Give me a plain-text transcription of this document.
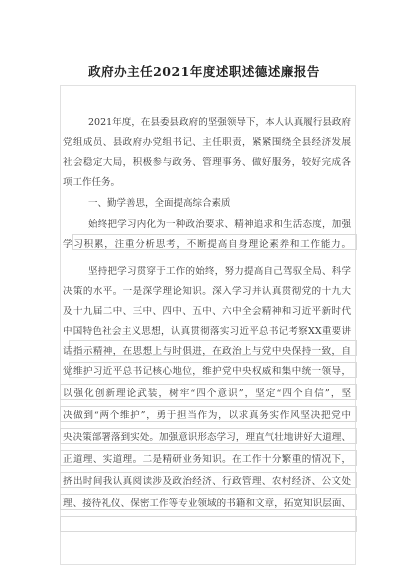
政府办主任2021年度述职述德述廉报告
2021年度，在县委县政府的坚强领导下，本人认真履行县政府
党组成员、县政府办党组书记、主任职责，紧紧围绕全县经济发展
社会稳定大局，积极参与政务、管理事务、做好服务，较好完成各
项工作任务。
一、勤学善思，全面提高综合素质
始终把学习内化为一种政治要求、精神追求和生活态度，加强
学习积累，注重分析思考，不断提高自身理论素养和工作能力。
坚持把学习贯穿于工作的始终，努力提高自己驾驭全局、科学
决策的水平。一是深学理论知识。深入学习并认真贯彻党的十九大
及十九届二中、三中、四中、五中、六中全会精神和习近平新时代
中国特色社会主义思想，认真贯彻落实习近平总书记考察XX重要讲
话指示精神，在思想上与时俱进，在政治上与党中央保持一致，自
觉维护习近平总书记核心地位，维护党中央权威和集中统一领导，
以强化创新理论武装，树牢“四个意识”，坚定“四个自信”，坚
决做到“两个维护”，勇于担当作为，以求真务实作风坚决把党中
央决策部署落到实处。加强意识形态学习，理直气壮地讲好大道理、
正道理、实道理。二是精研业务知识。在工作十分繁重的情况下，
挤出时间我认真阅读涉及政治经济、行政管理、农村经济、公文处
理、接待礼仪、保密工作等专业领域的书籍和文章，拓宽知识层面、
